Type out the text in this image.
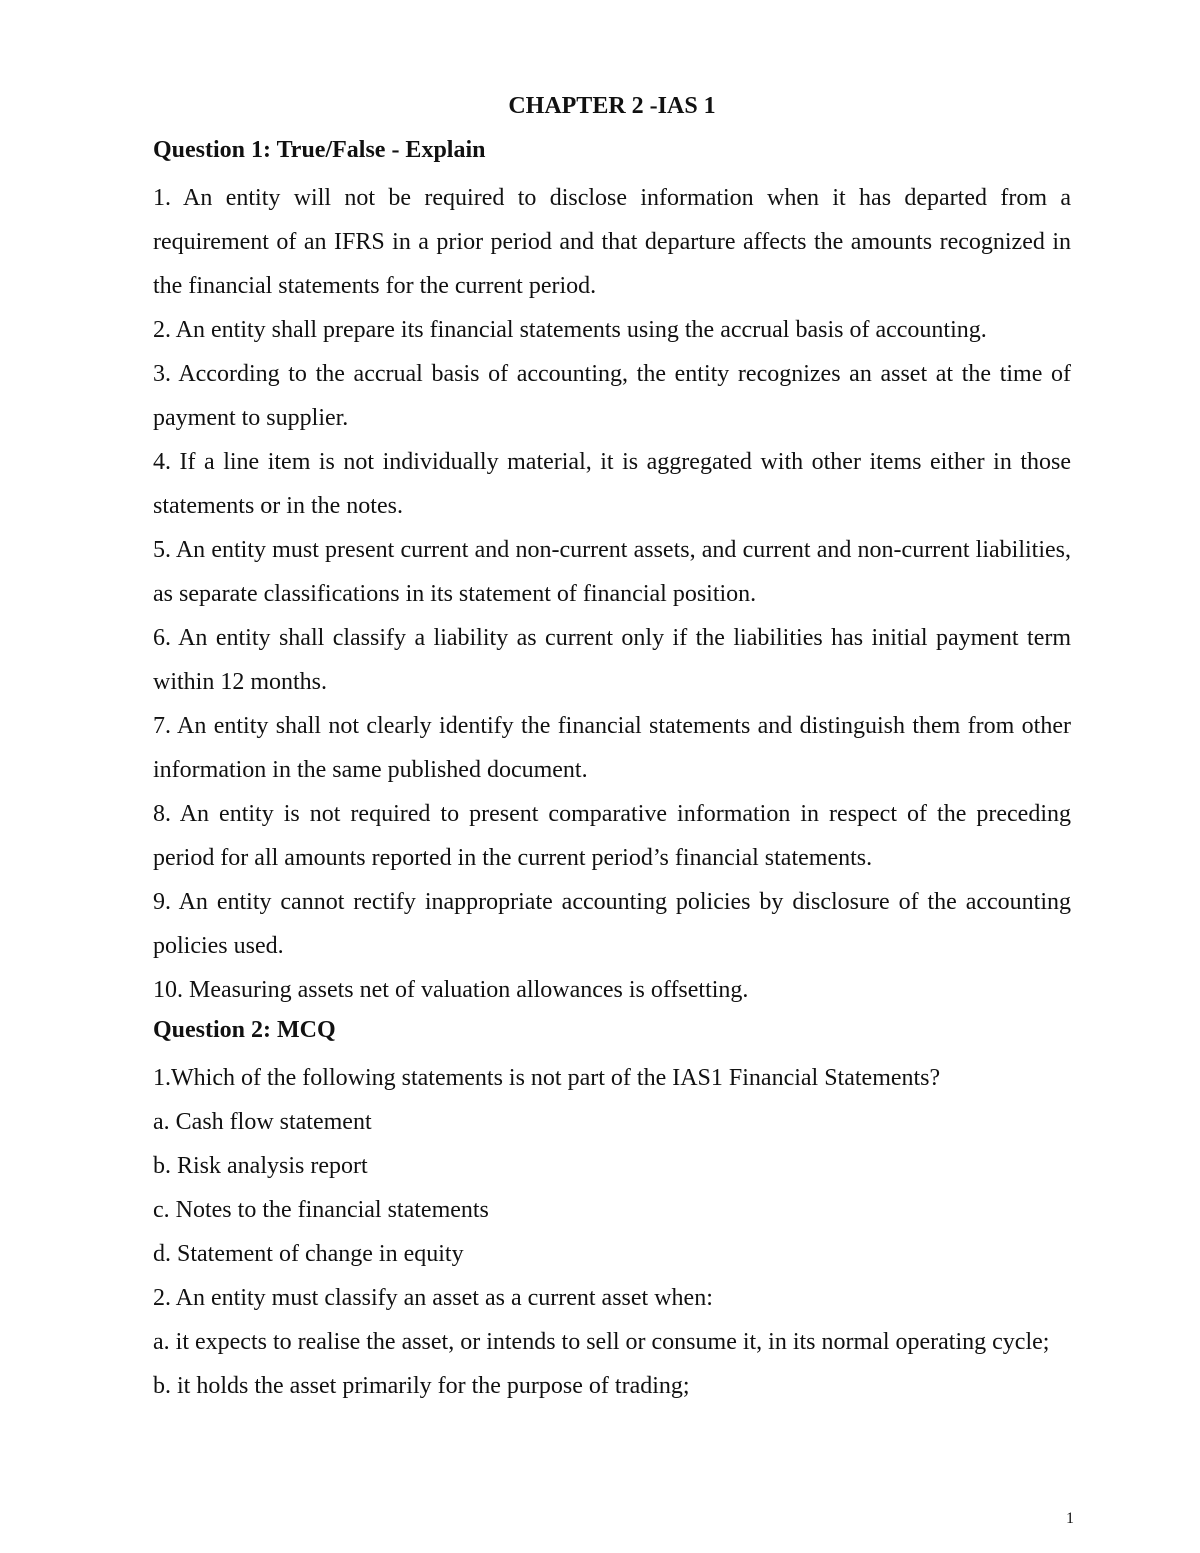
CHAPTER 2 -IAS 1
Question 1: True/False - Explain

1. An entity will not be required to disclose information when it has departed from a requirement of an IFRS in a prior period and that departure affects the amounts recognized in the financial statements for the current period.

2. An entity shall prepare its financial statements using the accrual basis of accounting.

3. According to the accrual basis of accounting, the entity recognizes an asset at the time of payment to supplier.

4. If a line item is not individually material, it is aggregated with other items either in those statements or in the notes.

5. An entity must present current and non-current assets, and current and non-current liabilities, as separate classifications in its statement of financial position.

6. An entity shall classify a liability as current only if the liabilities has initial payment term within 12 months.

7. An entity shall not clearly identify the financial statements and distinguish them from other information in the same published document.

8. An entity is not required to present comparative information in respect of the preceding period for all amounts reported in the current period’s financial statements.

9. An entity cannot rectify inappropriate accounting policies by disclosure of the accounting policies used.

10. Measuring assets net of valuation allowances is offsetting.

Question 2: MCQ

1.Which of the following statements is not part of the IAS1 Financial Statements?

a. Cash flow statement

b. Risk analysis report

c. Notes to the financial statements

d. Statement of change in equity

2. An entity must classify an asset as a current asset when:

a. it expects to realise the asset, or intends to sell or consume it, in its normal operating cycle;

b. it holds the asset primarily for the purpose of trading;

1
